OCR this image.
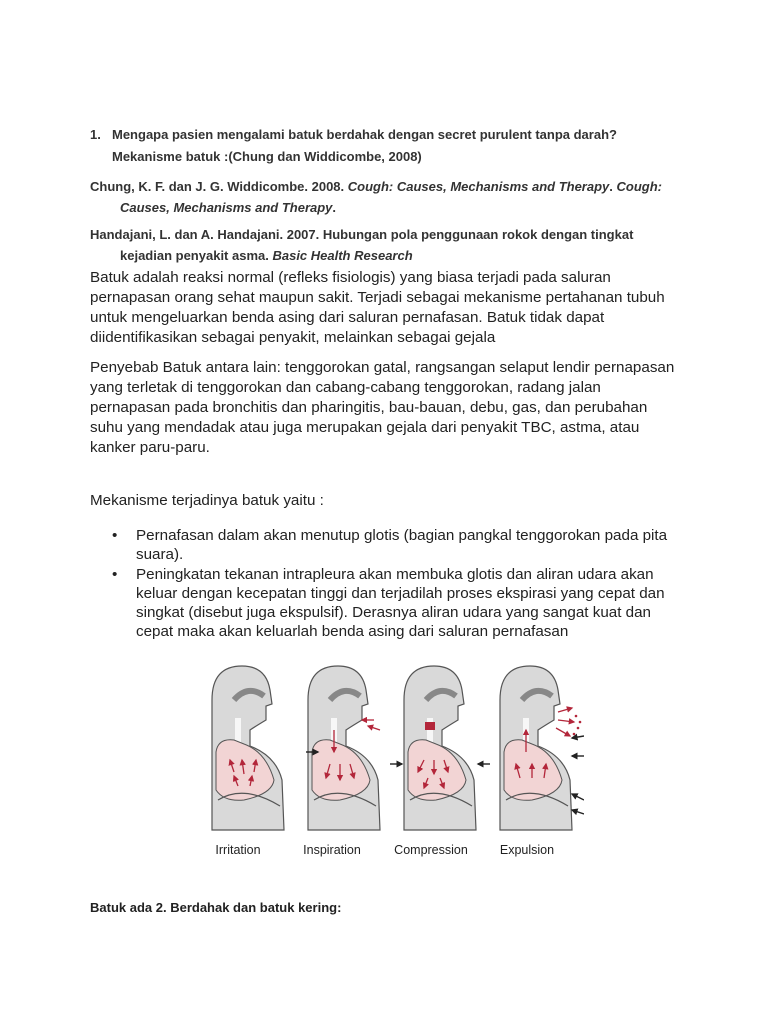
1. Mengapa pasien mengalami batuk berdahak dengan secret purulent tanpa darah?
Mekanisme batuk :(Chung dan Widdicombe, 2008)
Chung, K. F. dan J. G. Widdicombe. 2008. Cough: Causes, Mechanisms and Therapy. Cough:
Causes, Mechanisms and Therapy.
Handajani, L. dan A. Handajani. 2007. Hubungan pola penggunaan rokok dengan tingkat
kejadian penyakit asma. Basic Health Research
Batuk adalah reaksi normal (refleks fisiologis) yang biasa terjadi pada saluran
pernapasan orang sehat maupun sakit. Terjadi sebagai mekanisme pertahanan tubuh
untuk mengeluarkan benda asing dari saluran pernafasan. Batuk tidak dapat
diidentifikasikan sebagai penyakit, melainkan sebagai gejala
Penyebab Batuk antara lain: tenggorokan gatal, rangsangan selaput lendir pernapasan
yang terletak di tenggorokan dan cabang-cabang tenggorokan, radang jalan
pernapasan pada bronchitis dan pharingitis, bau-bauan, debu, gas, dan perubahan
suhu yang mendadak atau juga merupakan gejala dari penyakit TBC, astma, atau
kanker paru-paru.
Mekanisme terjadinya batuk yaitu :
• Pernafasan dalam akan menutup glotis (bagian pangkal tenggorokan pada pita
suara).
• Peningkatan tekanan intrapleura akan membuka glotis dan aliran udara akan
keluar dengan kecepatan tinggi dan terjadilah proses ekspirasi yang cepat dan
singkat (disebut juga ekspulsif). Derasnya aliran udara yang sangat kuat dan
cepat maka akan keluarlah benda asing dari saluran pernafasan
Irritation	Inspiration	Compression	Expulsion
Batuk ada 2. Berdahak dan batuk kering:
